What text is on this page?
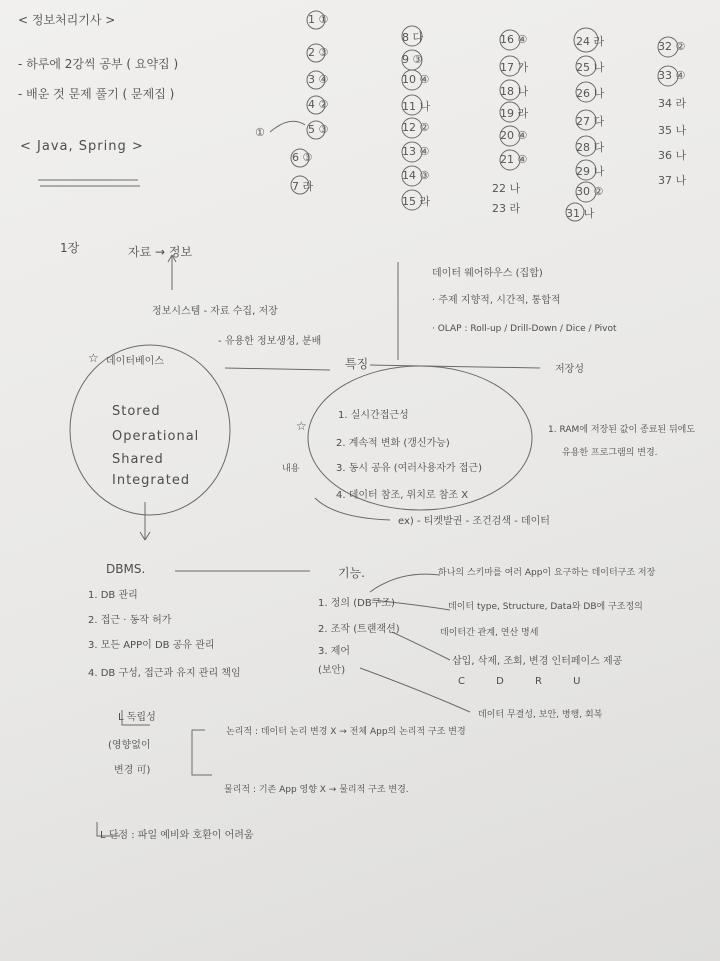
< 정보처리기사 >
- 하루에 2강씩 공부 ( 요약집 )
- 배운 것 문제 풀기 ( 문제집 )
< Java, Spring >
①
1 ①
2 ③
3 ④
4 ②
5 ③
6 ③
7 라
8 다
9 ③
10 ④
11 나
12 ②
13 ④
14 ③
15 라
16 ④
17 가
18 나
19 라
20 ④
21 ④
22 나
23 라
24 라
25 나
26 나
27 다
28 다
29 나
30 ②
31 나
32 ②
33 ④
34 라
35 나
36 나
37 나
1장	자료 → 정보
정보시스템 - 자료 수집, 저장
- 유용한 정보생성, 분배
데이터 웨어하우스 (집합)
· 주제 지향적, 시간적, 통합적
· OLAP : Roll-up / Drill-Down / Dice / Pivot
☆ 데이터베이스
Stored
Operational
Shared
Integrated
특징
☆
내용
1. 실시간접근성
2. 계속적 변화 (갱신가능)
3. 동시 공유 (여러사용자가 접근)
4. 데이터 참조, 위치로 참조 X
ex) - 티켓발권 - 조건검색 - 데이터
저장성
1. RAM에 저장된 값이 종료된 뒤에도
유용한 프로그램의 변경.
DBMS.
1. DB 관리
2. 접근 · 동작 허가
3. 모든 APP이 DB 공유 관리
4. DB 구성, 접근과 유지 관리 책임
기능.
1. 정의 (DB구조)
2. 조작 (트랜잭션)
3. 제어
(보안)
하나의 스키마를 여러 App이 요구하는 데이터구조 저장
데이터 type, Structure, Data와 DB에 구조정의
데이터간 관계, 연산 명세
삽입, 삭제, 조회, 변경 인터페이스 제공
C D R U
데이터 무결성, 보안, 병행, 회복
L 독립성
(영향없이
변경 可)
논리적 : 데이터 논리 변경 X → 전체 App의 논리적 구조 변경
물리적 : 기존 App 영향 X → 물리적 구조 변경.
L 단점 : 파일 예비와 호환이 어려움
